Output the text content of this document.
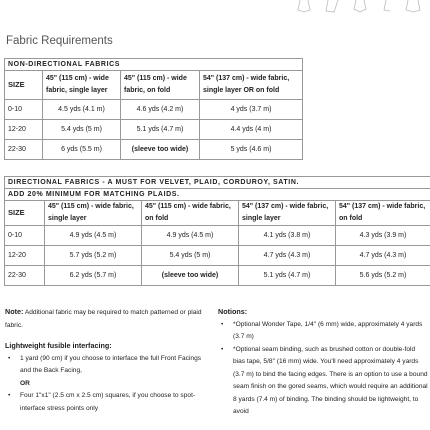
Fabric Requirements
NON-DIRECTIONAL FABRICS			
SIZE	45" (115 cm) - wide fabric, single layer	45" (115 cm) - wide fabric, on fold	54" (137 cm) - wide fabric, single layer OR on fold
0-10	4.5 yds (4.1 m)	4.6 yds (4.2 m)	4 yds (3.7 m)
12-20	5.4 yds (5 m)	5.1 yds (4.7 m)	4.4 yds (4 m)
22-30	6 yds (5.5 m)	(sleeve too wide)	5 yds (4.6 m)
DIRECTIONAL FABRICS - A MUST FOR VELVET, PLAID, CORDUROY, SATIN.				
ADD 20% MINIMUM FOR MATCHING PLAIDS.				
SIZE	45" (115 cm) - wide fabric, single layer	45" (115 cm) - wide fabric, on fold	54" (137 cm) - wide fabric, single layer	54" (137 cm) - wide fabric, on fold
0-10	4.9 yds (4.5 m)	4.9 yds (4.5 m)	4.1 yds (3.8 m)	4.3 yds (3.9 m)
12-20	5.7 yds (5.2 m)	5.4 yds (5 m)	4.7 yds (4.3 m)	4.7 yds (4.3 m)
22-30	6.2 yds (5.7 m)	(sleeve too wide)	5.1 yds (4.7 m)	5.6 yds (5.2 m)
Note: Additional fabric may be required to match patterned or plaid fabric.
Lightweight fusible interfacing:
• 1 yard (90 cm) if you choose to interface the full Front Facings and the Back Facing,
OR
• Four 1"x1" (2.5 cm x 2.5 cm) squares, if you choose to spot-interface stress points only
Notions:
• *Optional Wonder Tape, 1/4" (6 mm) wide, approximately 4 yards (3.7 m)
• *Optional seam binding, such as brushed cotton or double-fold bias tape, 5/8" (16 mm) wide. You'll need approximately 4 yards (3.7 m) to bind the facing edges. There is an option to use a bound seam finish on the gored seams, which would require an additional 8 yards (7.4 m) of binding. The binding should be lightweight, to avoid
